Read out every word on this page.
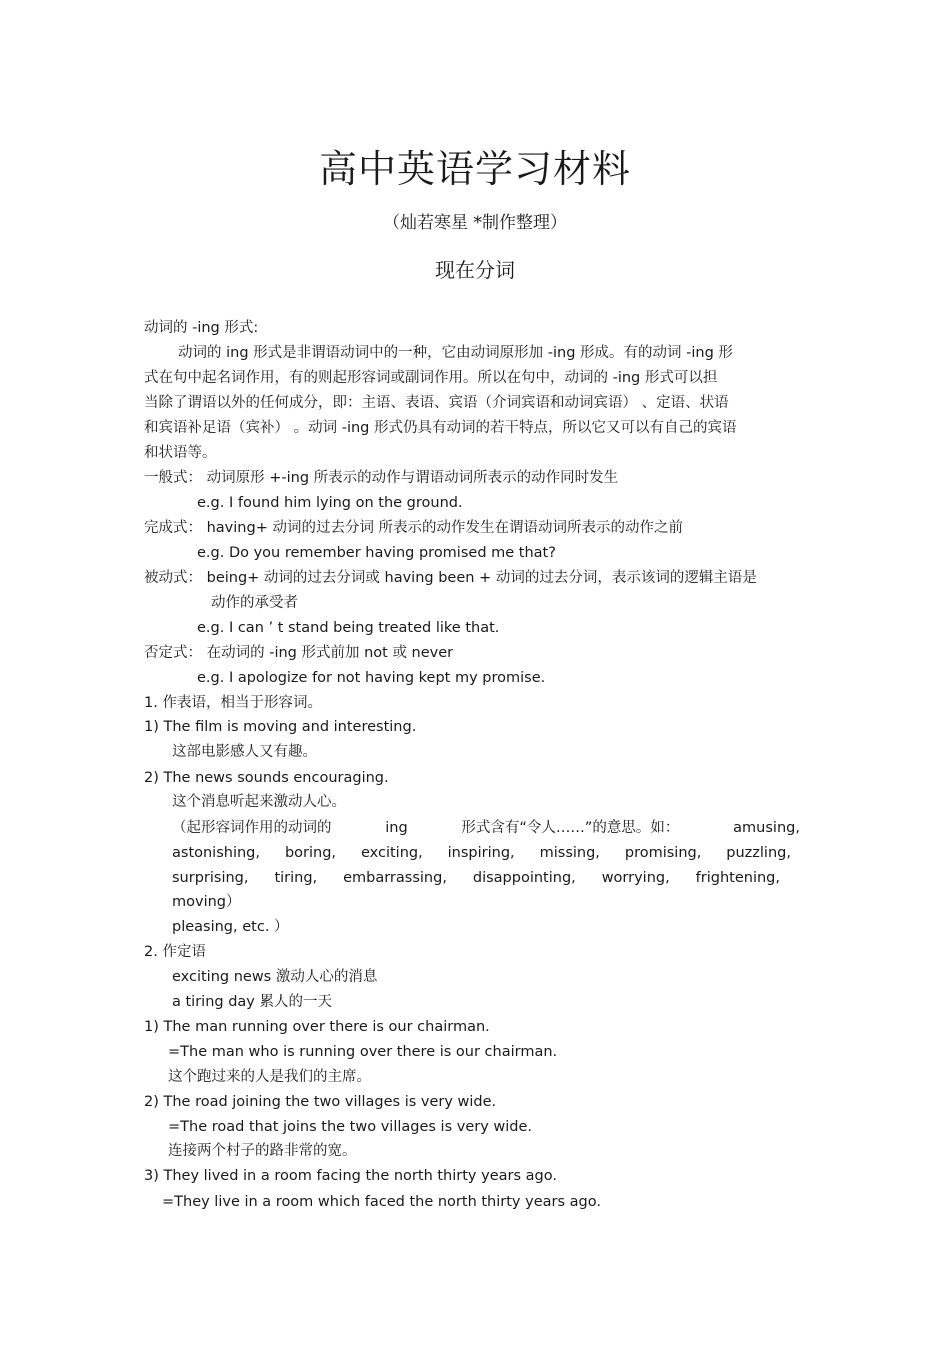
高中英语学习材料
（灿若寒星 *制作整理）
现在分词
动词的 -ing 形式:
动词的 ing 形式是非谓语动词中的一种，它由动词原形加 -ing 形成。有的动词 -ing 形
式在句中起名词作用，有的则起形容词或副词作用。所以在句中，动词的 -ing 形式可以担
当除了谓语以外的任何成分，即：主语、表语、宾语（介词宾语和动词宾语） 、定语、状语
和宾语补足语（宾补） 。动词 -ing 形式仍具有动词的若干特点，所以它又可以有自己的宾语
和状语等。
一般式： 动词原形 +-ing 所表示的动作与谓语动词所表示的动作同时发生
e.g. I found him lying on the ground.
完成式： having+ 动词的过去分词 所表示的动作发生在谓语动词所表示的动作之前
e.g. Do you remember having promised me that?
被动式： being+ 动词的过去分词或 having been + 动词的过去分词，表示该词的逻辑主语是
动作的承受者
e.g. I can ’ t stand being treated like that.
否定式： 在动词的 -ing 形式前加 not 或 never
e.g. I apologize for not having kept my promise.
1. 作表语，相当于形容词。
1) The film is moving and interesting.
这部电影感人又有趣。
2) The news sounds encouraging.
这个消息听起来激动人心。
（起形容词作用的动词的	ing	形式含有“令人……”的意思。如：	amusing,
astonishing, boring, exciting, inspiring, missing, promising, puzzling,
surprising, tiring, embarrassing, disappointing, worrying, frightening,
moving）
pleasing, etc. ）
2. 作定语
exciting news 激动人心的消息
a tiring day 累人的一天
1) The man running over there is our chairman.
=The man who is running over there is our chairman.
这个跑过来的人是我们的主席。
2) The road joining the two villages is very wide.
=The road that joins the two villages is very wide.
连接两个村子的路非常的宽。
3) They lived in a room facing the north thirty years ago.
=They live in a room which faced the north thirty years ago.
